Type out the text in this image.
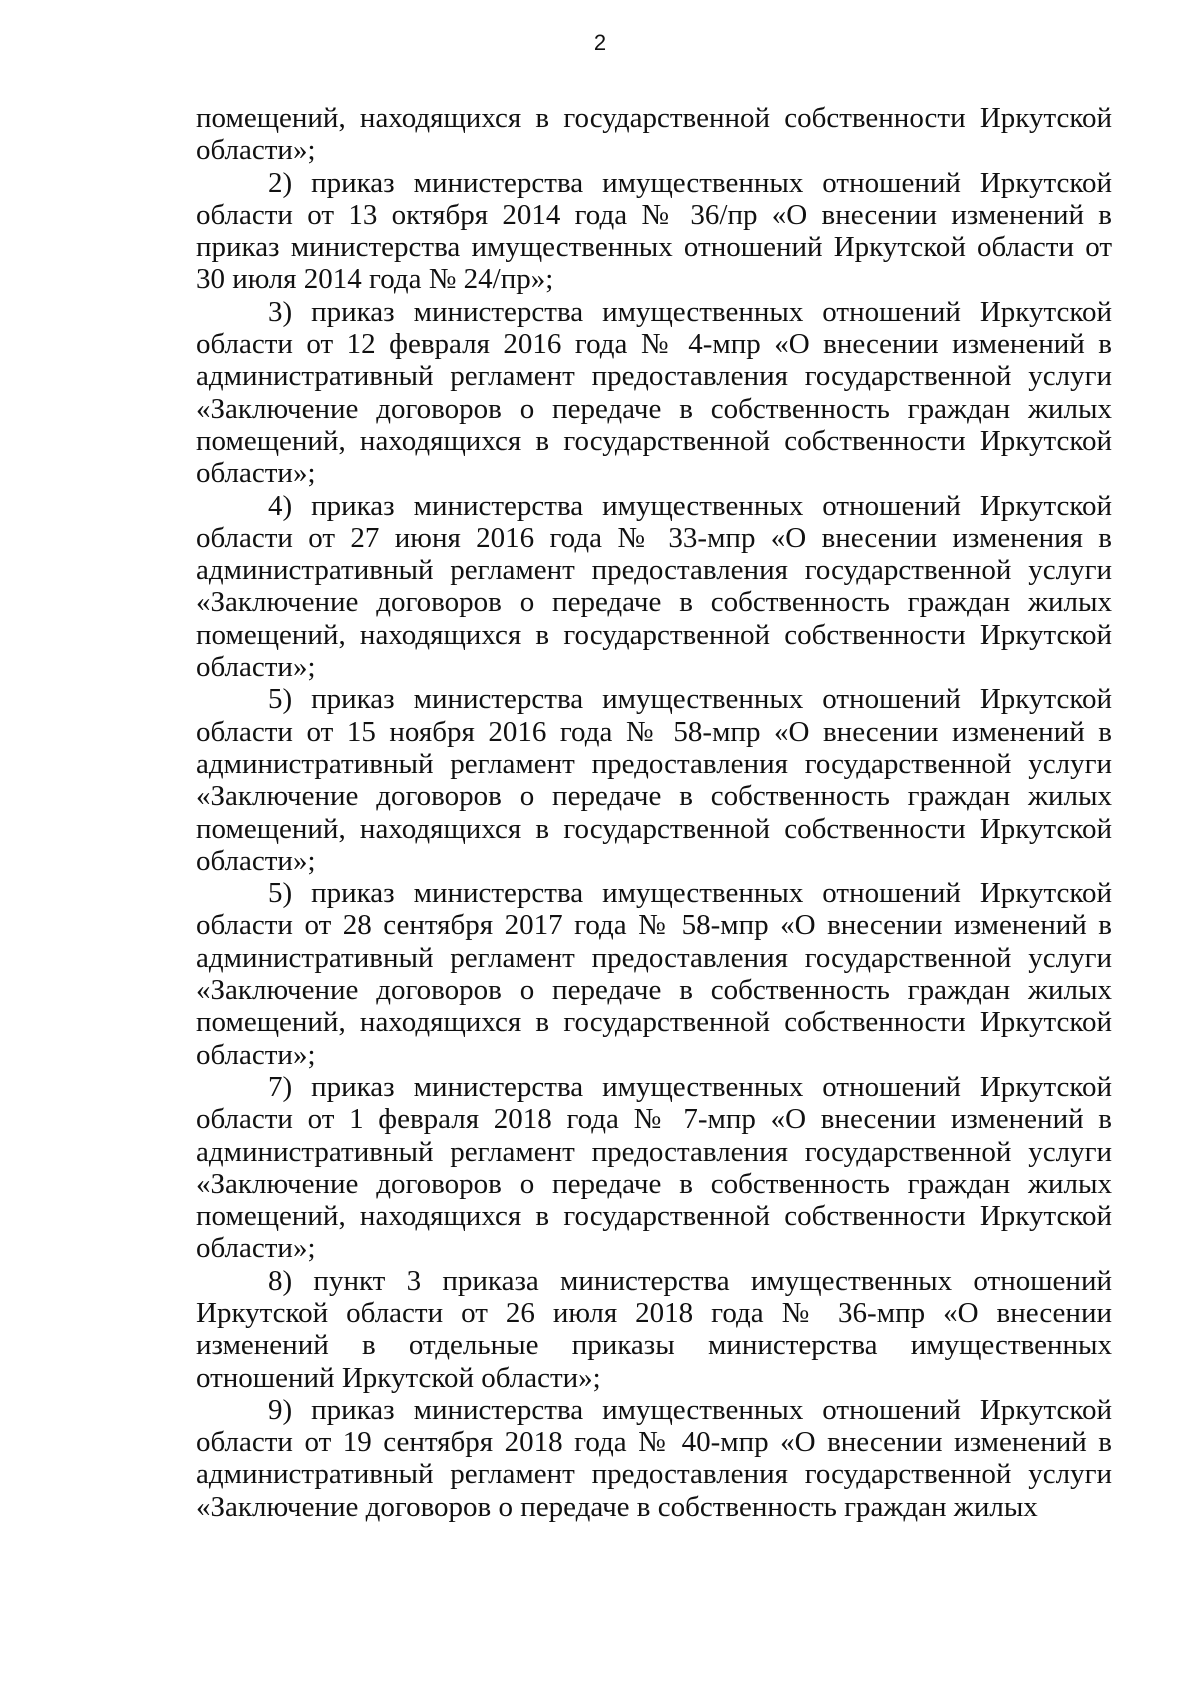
2

помещений, находящихся в государственной собственности Иркутской области»;

2) приказ министерства имущественных отношений Иркутской области от 13 октября 2014 года № 36/пр «О внесении изменений в приказ министерства имущественных отношений Иркутской области от 30 июля 2014 года № 24/пр»;

3) приказ министерства имущественных отношений Иркутской области от 12 февраля 2016 года № 4-мпр «О внесении изменений в административный регламент предоставления государственной услуги «Заключение договоров о передаче в собственность граждан жилых помещений, находящихся в государственной собственности Иркутской области»;

4) приказ министерства имущественных отношений Иркутской области от 27 июня 2016 года № 33-мпр «О внесении изменения в административный регламент предоставления государственной услуги «Заключение договоров о передаче в собственность граждан жилых помещений, находящихся в государственной собственности Иркутской области»;

5) приказ министерства имущественных отношений Иркутской области от 15 ноября 2016 года № 58-мпр «О внесении изменений в административный регламент предоставления государственной услуги «Заключение договоров о передаче в собственность граждан жилых помещений, находящихся в государственной собственности Иркутской области»;

5) приказ министерства имущественных отношений Иркутской области от 28 сентября 2017 года № 58-мпр «О внесении изменений в административный регламент предоставления государственной услуги «Заключение договоров о передаче в собственность граждан жилых помещений, находящихся в государственной собственности Иркутской области»;

7) приказ министерства имущественных отношений Иркутской области от 1 февраля 2018 года № 7-мпр «О внесении изменений в административный регламент предоставления государственной услуги «Заключение договоров о передаче в собственность граждан жилых помещений, находящихся в государственной собственности Иркутской области»;

8) пункт 3 приказа министерства имущественных отношений Иркутской области от 26 июля 2018 года № 36-мпр «О внесении изменений в отдельные приказы министерства имущественных отношений Иркутской области»;

9) приказ министерства имущественных отношений Иркутской области от 19 сентября 2018 года № 40-мпр «О внесении изменений в административный регламент предоставления государственной услуги «Заключение договоров о передаче в собственность граждан жилых
